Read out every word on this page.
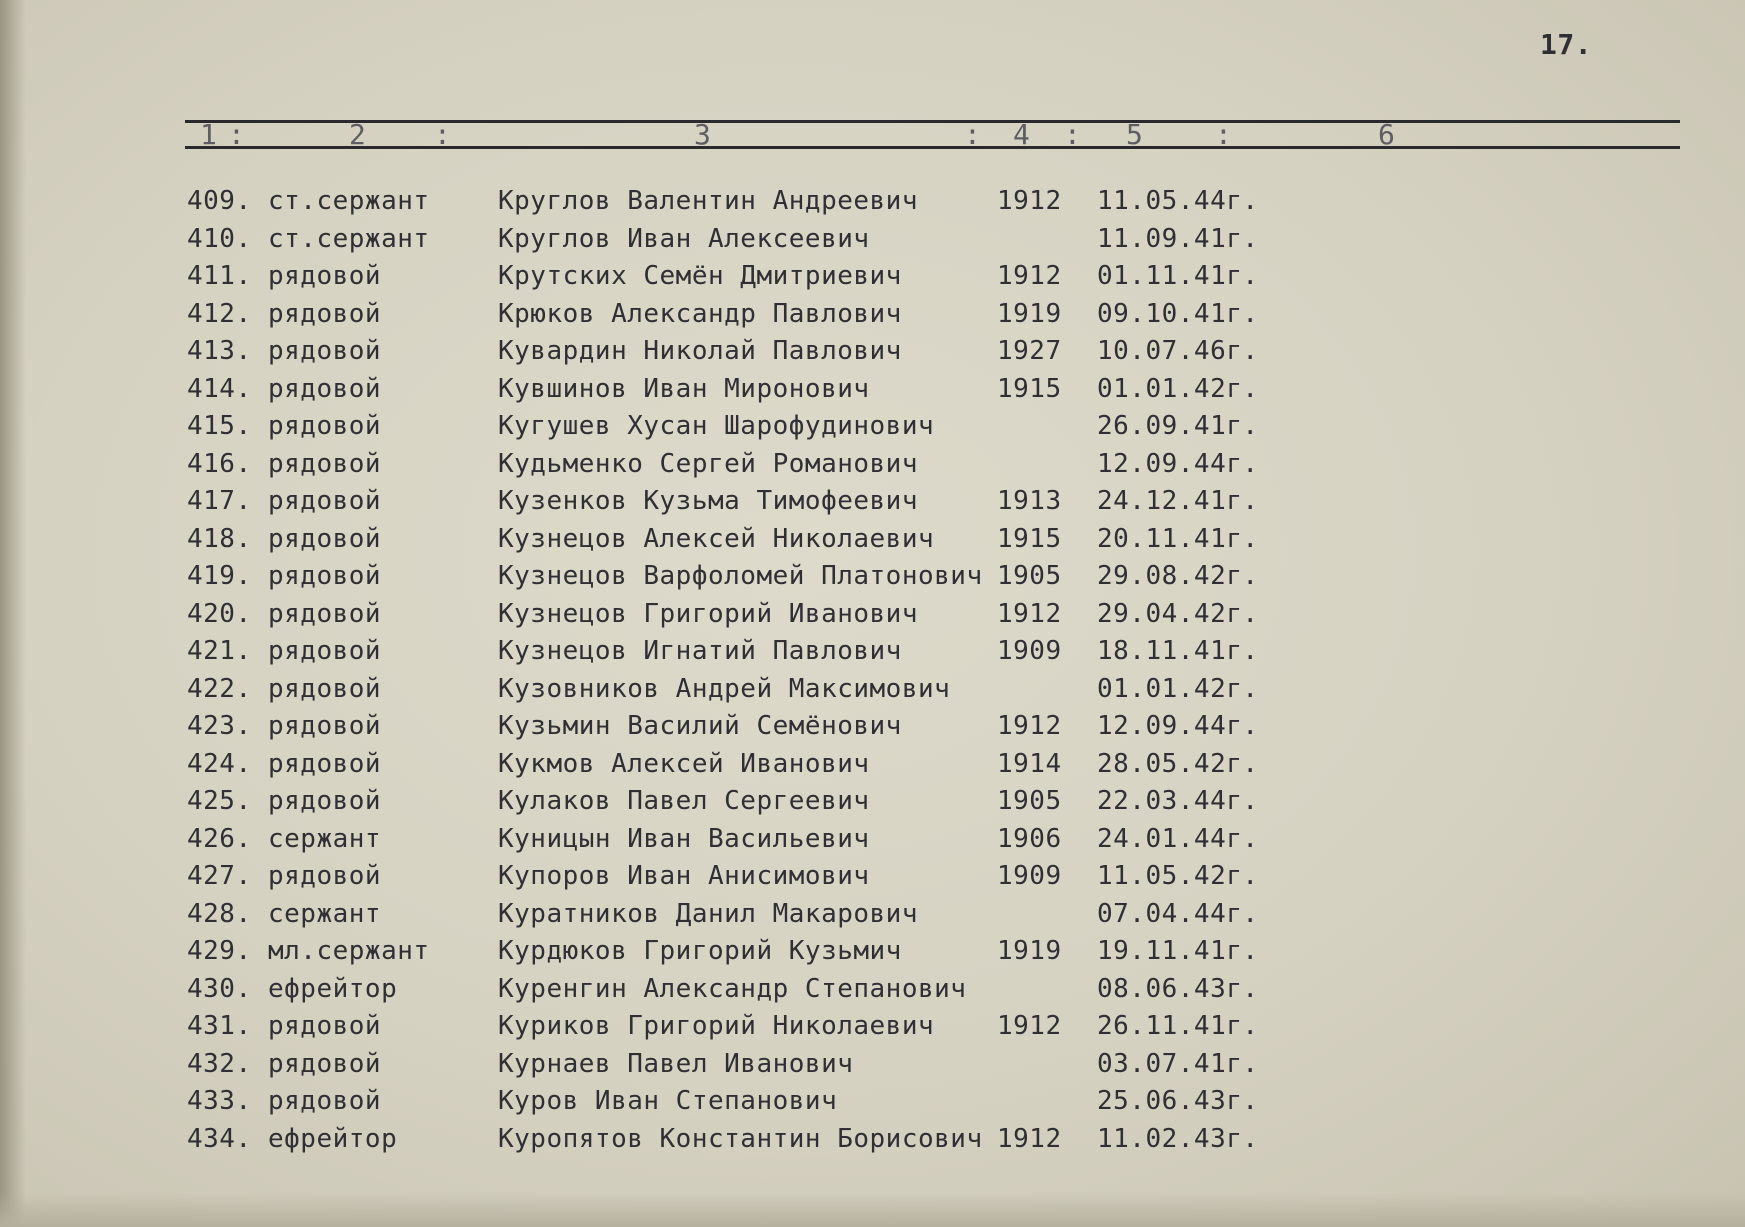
17.
1 :	2 :	3	: 4 : 5	:	6
409. ст.сержант	Круглов Валентин Андреевич	1912 11.05.44г.
410. ст.сержант	Круглов Иван Алексеевич	11.09.41г.
411. рядовой	Крутских Семён Дмитриевич	1912 01.11.41г.
412. рядовой	Крюков Александр Павлович	1919 09.10.41г.
413. рядовой	Кувардин Николай Павлович	1927 10.07.46г.
414. рядовой	Кувшинов Иван Миронович	1915 01.01.42г.
415. рядовой	Кугушев Хусан Шарофудинович	26.09.41г.
416. рядовой	Кудьменко Сергей Романович	12.09.44г.
417. рядовой	Кузенков Кузьма Тимофеевич	1913 24.12.41г.
418. рядовой	Кузнецов Алексей Николаевич 1915 20.11.41г.
419. рядовой	Кузнецов Варфоломей Платонович 1905 29.08.42г.
420. рядовой	Кузнецов Григорий Иванович	1912 29.04.42г.
421. рядовой	Кузнецов Игнатий Павлович	1909 18.11.41г.
422. рядовой	Кузовников Андрей Максимович	01.01.42г.
423. рядовой	Кузьмин Василий Семёнович	1912 12.09.44г.
424. рядовой	Кукмов Алексей Иванович	1914 28.05.42г.
425. рядовой	Кулаков Павел Сергеевич	1905 22.03.44г.
426. сержант	Куницын Иван Васильевич	1906 24.01.44г.
427. рядовой	Купоров Иван Анисимович	1909 11.05.42г.
428. сержант	Куратников Данил Макарович	07.04.44г.
429. мл.сержант	Курдюков Григорий Кузьмич	1919 19.11.41г.
430. ефрейтор	Куренгин Александр Степанович	08.06.43г.
431. рядовой	Куриков Григорий Николаевич 1912 26.11.41г.
432. рядовой	Курнаев Павел Иванович	03.07.41г.
433. рядовой	Куров Иван Степанович	25.06.43г.
434. ефрейтор	Куропятов Константин Борисович 1912 11.02.43г.
